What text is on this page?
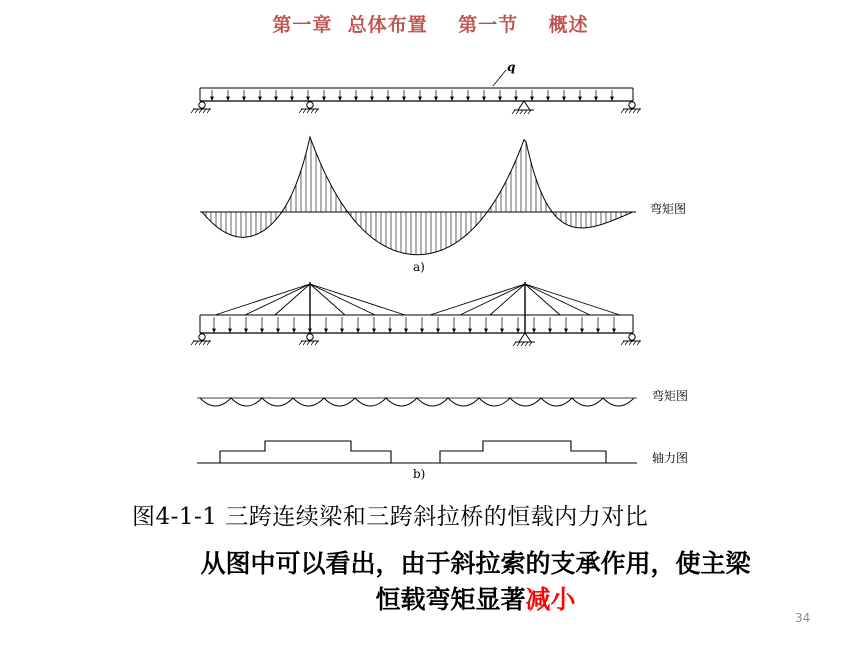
第一章  总体布置    第一节    概述
q
弯矩图
a)
弯矩图
轴力图
b)
图4-1-1 三跨连续梁和三跨斜拉桥的恒载内力对比
从图中可以看出，由于斜拉索的支承作用，使主梁
恒载弯矩显著减小
34
